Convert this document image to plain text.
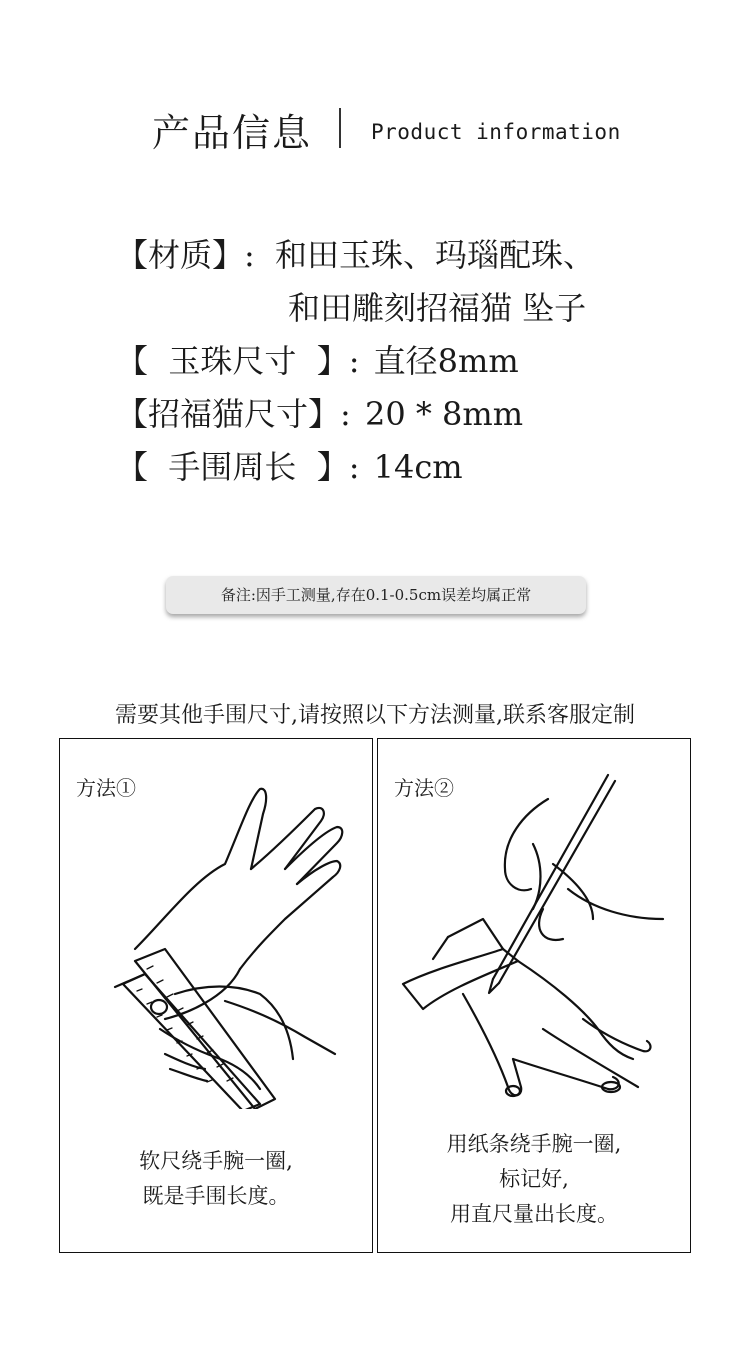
产品信息	Product information
【材质】: 和田玉珠、玛瑙配珠、
和田雕刻招福猫 坠子
【  玉珠尺寸  】: 直径8mm
【招福猫尺寸】: 20 * 8mm
【  手围周长  】: 14cm
备注:因手工测量,存在0.1-0.5cm误差均属正常
需要其他手围尺寸,请按照以下方法测量,联系客服定制
方法①
软尺绕手腕一圈,
既是手围长度。
方法②
用纸条绕手腕一圈,
标记好,
用直尺量出长度。
